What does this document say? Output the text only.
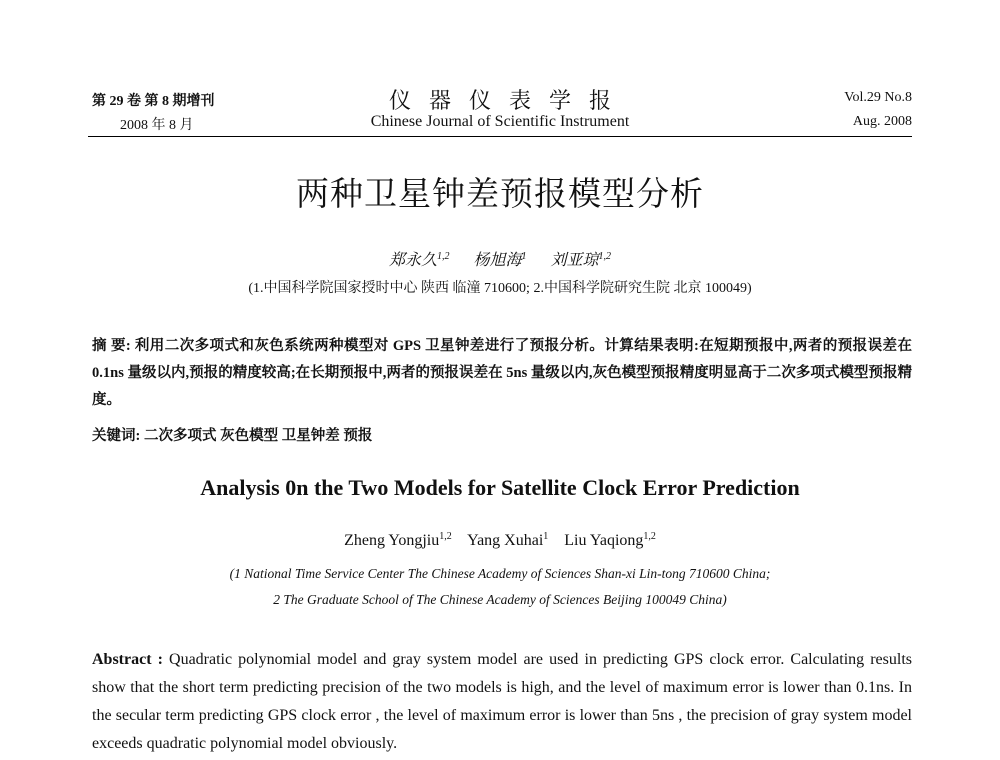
第 29 卷 第 8 期增刊
2008 年 8 月
仪器仪表学报
Chinese Journal of Scientific Instrument
Vol.29 No.8
Aug. 2008
两种卫星钟差预报模型分析
郑永久$^{1,2}$ 杨旭海$^1$ 刘亚琼$^{1,2}$
(1.中国科学院国家授时中心 陕西 临潼 710600; 2.中国科学院研究生院 北京 100049)
摘 要: 利用二次多项式和灰色系统两种模型对 GPS 卫星钟差进行了预报分析。计算结果表明:在短期预报中,两者的预报误差在 0.1ns 量级以内,预报的精度较高;在长期预报中,两者的预报误差在 5ns 量级以内,灰色模型预报精度明显高于二次多项式模型预报精度。
关键词: 二次多项式 灰色模型 卫星钟差 预报
Analysis 0n the Two Models for Satellite Clock Error Prediction
Zheng Yongjiu$^{1,2}$ Yang Xuhai$^1$ Liu Yaqiong$^{1,2}$
(1 National Time Service Center The Chinese Academy of Sciences Shan-xi Lin-tong 710600 China;
2 The Graduate School of The Chinese Academy of Sciences Beijing 100049 China)
Abstract : Quadratic polynomial model and gray system model are used in predicting GPS clock error. Calculating results show that the short term predicting precision of the two models is high, and the level of maximum error is lower than 0.1ns. In the secular term predicting GPS clock error , the level of maximum error is lower than 5ns , the precision of gray system model exceeds quadratic polynomial model obviously.
